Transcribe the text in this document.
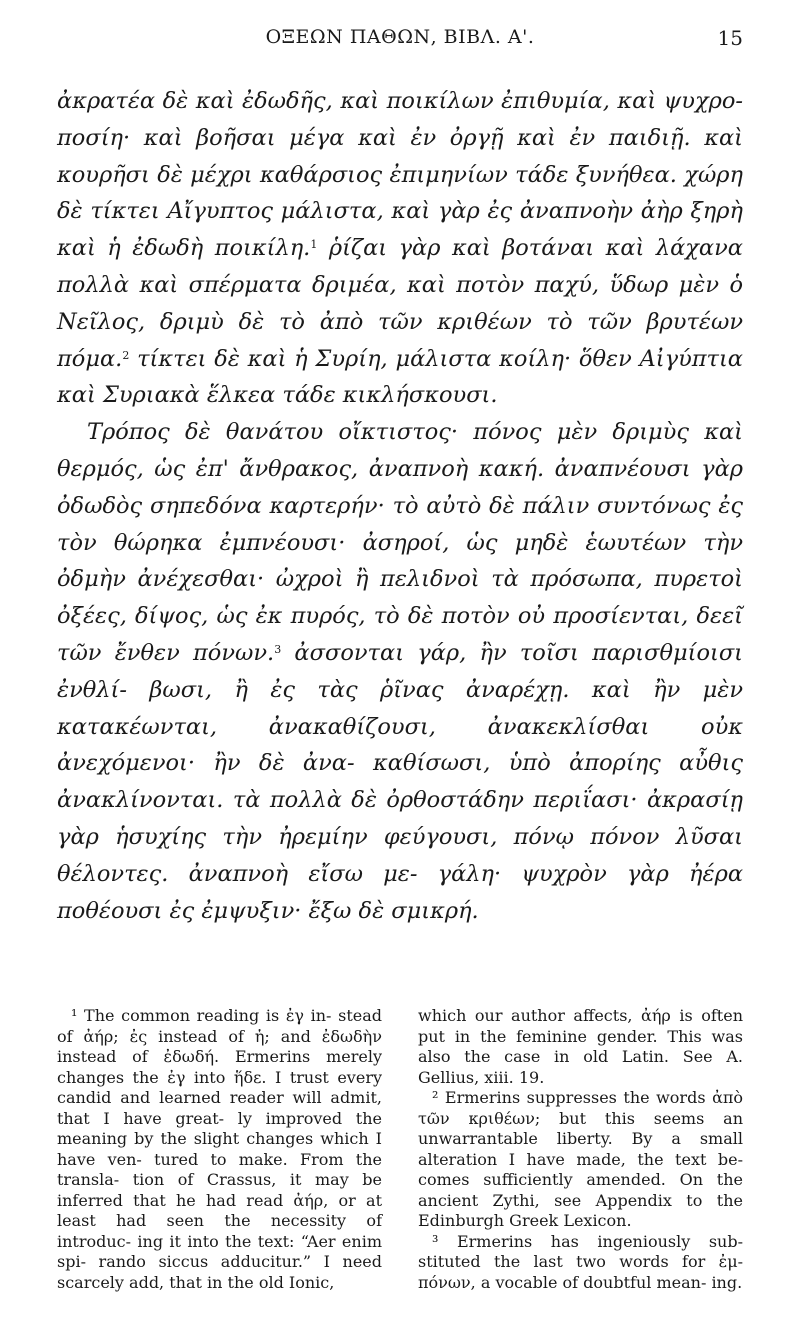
ΟΞΕΩΝ ΠΑΘΩΝ, ΒΙΒΛ. Α'.	15

ἀκρατέα δὲ καὶ ἐδωδῆς, καὶ ποικίλων ἐπιθυμία, καὶ ψυχρο- ποσίη· καὶ βοῆσαι μέγα καὶ ἐν ὀργῇ καὶ ἐν παιδιῇ. καὶ κουρῆσι δὲ μέχρι καθάρσιος ἐπιμηνίων τάδε ξυνήθεα. χώρη δὲ τίκτει Αἴγυπτος μάλιστα, καὶ γὰρ ἐς ἀναπνοὴν ἀὴρ ξηρὴ καὶ ἡ ἐδωδὴ ποικίλη.$^1$ ῥίζαι γὰρ καὶ βοτάναι καὶ λάχανα πολλὰ καὶ σπέρματα δριμέα, καὶ ποτὸν παχύ, ὕδωρ μὲν ὁ Νεῖλος, δριμὺ δὲ τὸ ἀπὸ τῶν κριθέων τὸ τῶν βρυτέων πόμα.$^2$ τίκτει δὲ καὶ ἡ Συρίη, μάλιστα κοίλη· ὅθεν Αἰγύπτια καὶ Συριακὰ ἕλκεα τάδε κικλήσκουσι.

Τρόπος δὲ θανάτου οἴκτιστος· πόνος μὲν δριμὺς καὶ θερμός, ὡς ἐπ' ἄνθρακος, ἀναπνοὴ κακή. ἀναπνέουσι γὰρ ὀδωδὸς σηπεδόνα καρτερήν· τὸ αὐτὸ δὲ πάλιν συντόνως ἐς τὸν θώρηκα ἐμπνέουσι· ἀσηροί, ὡς μηδὲ ἑωυτέων τὴν ὀδμὴν ἀνέχεσθαι· ὠχροὶ ἢ πελιδνοὶ τὰ πρόσωπα, πυρετοὶ ὀξέες, δίψος, ὡς ἐκ πυρός, τὸ δὲ ποτὸν οὐ προσίενται, δεεῖ τῶν ἔνθεν πόνων.$^3$ ἀσσονται γάρ, ἢν τοῖσι παρισθμίοισι ἐνθλί- βωσι, ἢ ἐς τὰς ῥῖνας ἀναρέχῃ. καὶ ἢν μὲν κατακέωνται, ἀνακαθίζουσι, ἀνακεκλίσθαι οὐκ ἀνεχόμενοι· ἢν δὲ ἀνα- καθίσωσι, ὑπὸ ἀπορίης αὖθις ἀνακλίνονται. τὰ πολλὰ δὲ ὀρθοστάδην περιΐασι· ἀκρασίῃ γὰρ ἡσυχίης τὴν ἠρεμίην φεύγουσι, πόνῳ πόνον λῦσαι θέλοντες. ἀναπνοὴ εἴσω με- γάλη· ψυχρὸν γὰρ ἠέρα ποθέουσι ἐς ἐμψυξιν· ἔξω δὲ σμικρή.

¹ The common reading is ἐγ in- stead of ἀήρ; ἐς instead of ἡ; and ἐδωδὴν instead of ἐδωδή. Ermerins merely changes the ἐγ into ἥδε. I trust every candid and learned reader will admit, that I have great- ly improved the meaning by the slight changes which I have ven- tured to make. From the transla- tion of Crassus, it may be inferred that he had read ἀήρ, or at least had seen the necessity of introduc- ing it into the text: “Aer enim spi- rando siccus adducitur.” I need scarcely add, that in the old Ionic,

which our author affects, ἀήρ is often put in the feminine gender. This was also the case in old Latin. See A. Gellius, xiii. 19.

² Ermerins suppresses the words ἀπὸ τῶν κριθέων; but this seems an unwarrantable liberty. By a small alteration I have made, the text be- comes sufficiently amended. On the ancient Zythi, see Appendix to the Edinburgh Greek Lexicon.

³ Ermerins has ingeniously sub- stituted the last two words for ἐμ- πόνων, a vocable of doubtful mean- ing.
